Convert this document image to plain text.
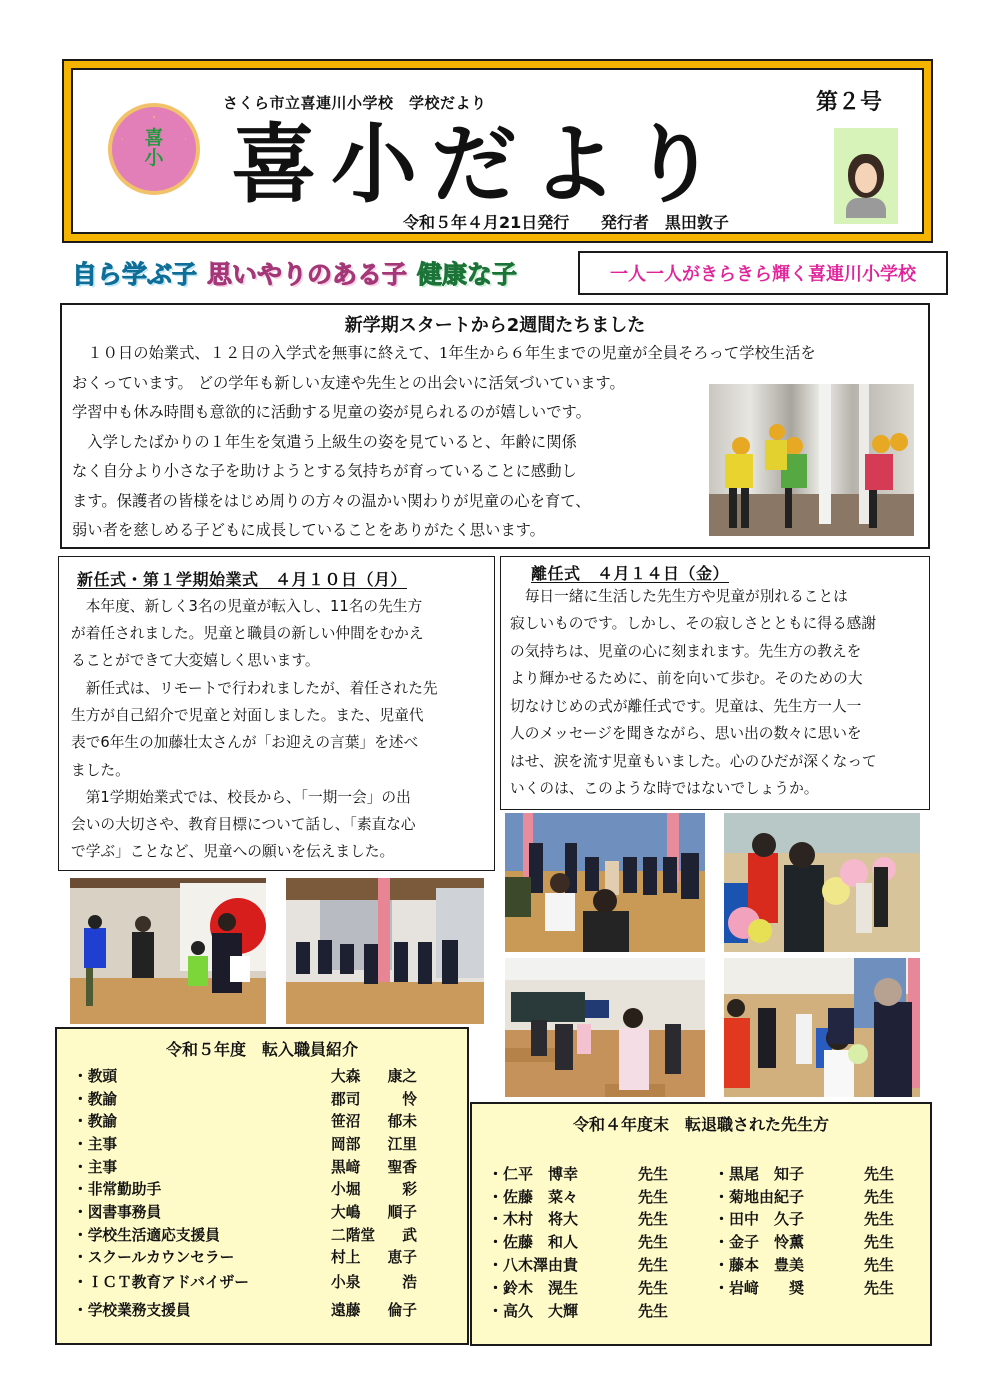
喜
小
さくら市立喜連川小学校　学校だより	第２号
喜小だより
令和５年４月21日発行 発行者　黒田敦子
自ら学ぶ子 思いやりのある子 健康な子	一人一人がきらきら輝く喜連川小学校
新学期スタートから2週間たちました
　１０日の始業式、１２日の入学式を無事に終えて、1年生から６年生までの児童が全員そろって学校生活を
おくっています。 どの学年も新しい友達や先生との出会いに活気づいています。
学習中も休み時間も意欲的に活動する児童の姿が見られるのが嬉しいです。
　入学したばかりの１年生を気遣う上級生の姿を見ていると、年齢に関係
なく自分より小さな子を助けようとする気持ちが育っていることに感動し
ます。保護者の皆様をはじめ周りの方々の温かい関わりが児童の心を育て、
弱い者を慈しめる子どもに成長していることをありがたく思います。
新任式・第１学期始業式　４月１０日（月）
　本年度、新しく3名の児童が転入し、11名の先生方
が着任されました。児童と職員の新しい仲間をむかえ
ることができて大変嬉しく思います。
　新任式は、リモートで行われましたが、着任された先
生方が自己紹介で児童と対面しました。また、児童代
表で6年生の加藤壮太さんが「お迎えの言葉」を述べ
ました。
　第1学期始業式では、校長から、「一期一会」の出
会いの大切さや、教育目標について話し、「素直な心
で学ぶ」ことなど、児童への願いを伝えました。
離任式　４月１４日（金）
　毎日一緒に生活した先生方や児童が別れることは
寂しいものです。しかし、その寂しさとともに得る感謝
の気持ちは、児童の心に刻まれます。先生方の教えを
より輝かせるために、前を向いて歩む。そのための大
切なけじめの式が離任式です。児童は、先生方一人一
人のメッセージを聞きながら、思い出の数々に思いを
はせ、涙を流す児童もいました。心のひだが深くなって
いくのは、このような時ではないでしょうか。
令和５年度　転入職員紹介
・教頭	大森 康之
・教諭	郡司	怜
・教諭	笹沼 郁未
・主事	岡部 江里
・主事	黒﨑 聖香
・非常勤助手	小堀	彩
・図書事務員	大嶋 順子
・学校生活適応支援員	二階堂 武
・スクールカウンセラー	村上 恵子
・ＩＣＴ教育アドバイザー	小泉	浩
・学校業務支援員	遠藤 倫子
令和４年度末　転退職された先生方
・仁平　博幸	先生
・佐藤　菜々	先生
・木村　将大	先生
・佐藤　和人	先生
・八木澤由貴	先生
・鈴木　滉生	先生
・高久　大輝	先生
・黒尾　知子	先生
・菊地由紀子	先生
・田中　久子	先生
・金子　怜薫	先生
・藤本　豊美	先生
・岩﨑　　奨	先生
